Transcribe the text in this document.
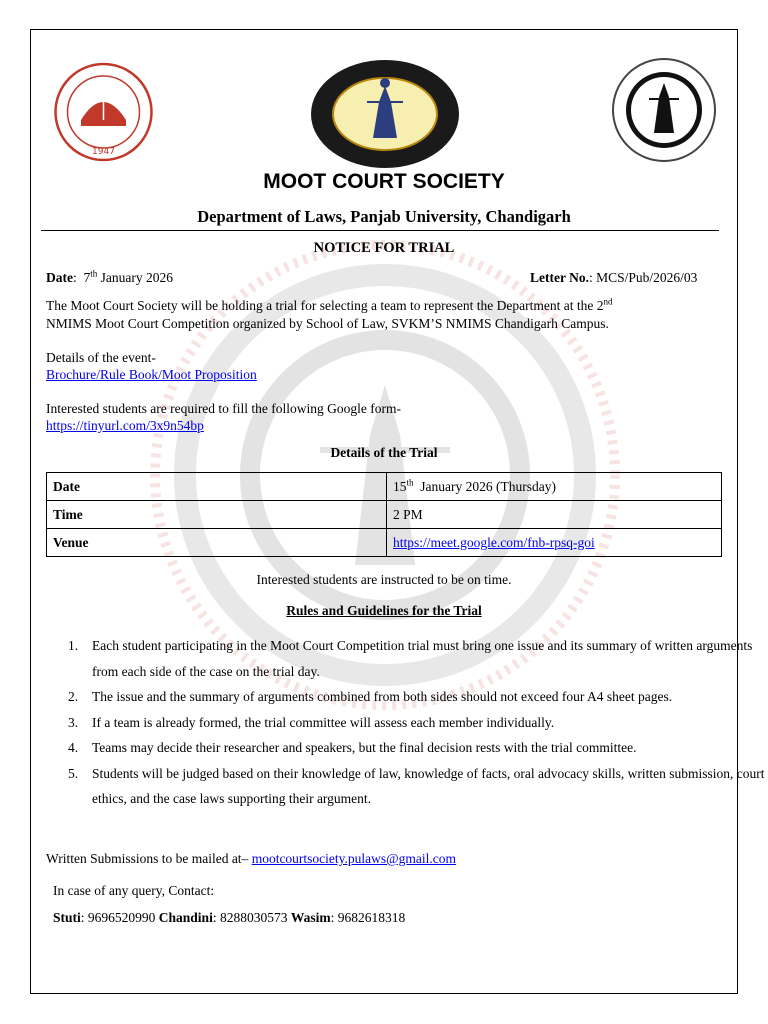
1947
MOOT COURT SOCIETY
Department of Laws, Panjab University, Chandigarh
NOTICE FOR TRIAL
Date:  7th January 2026	Letter No.: MCS/Pub/2026/03
The Moot Court Society will be holding a trial for selecting a team to represent the Department at the 2nd
NMIMS Moot Court Competition organized by School of Law, SVKM’S NMIMS Chandigarh Campus.
Details of the event-
Brochure/Rule Book/Moot Proposition
Interested students are required to fill the following Google form-
https://tinyurl.com/3x9n54bp
Details of the Trial
Date	15th  January 2026 (Thursday)
Time	2 PM
Venue	https://meet.google.com/fnb-rpsq-goi
Interested students are instructed to be on time.
Rules and Guidelines for the Trial
1. Each student participating in the Moot Court Competition trial must bring one issue and its summary of written arguments from each side of the case on the trial day.
2. The issue and the summary of arguments combined from both sides should not exceed four A4 sheet pages.
3. If a team is already formed, the trial committee will assess each member individually.
4. Teams may decide their researcher and speakers, but the final decision rests with the trial committee.
5. Students will be judged based on their knowledge of law, knowledge of facts, oral advocacy skills, written submission, court ethics, and the case laws supporting their argument.
Written Submissions to be mailed at– mootcourtsociety.pulaws@gmail.com
In case of any query, Contact:
Stuti: 9696520990 Chandini: 8288030573 Wasim: 9682618318
